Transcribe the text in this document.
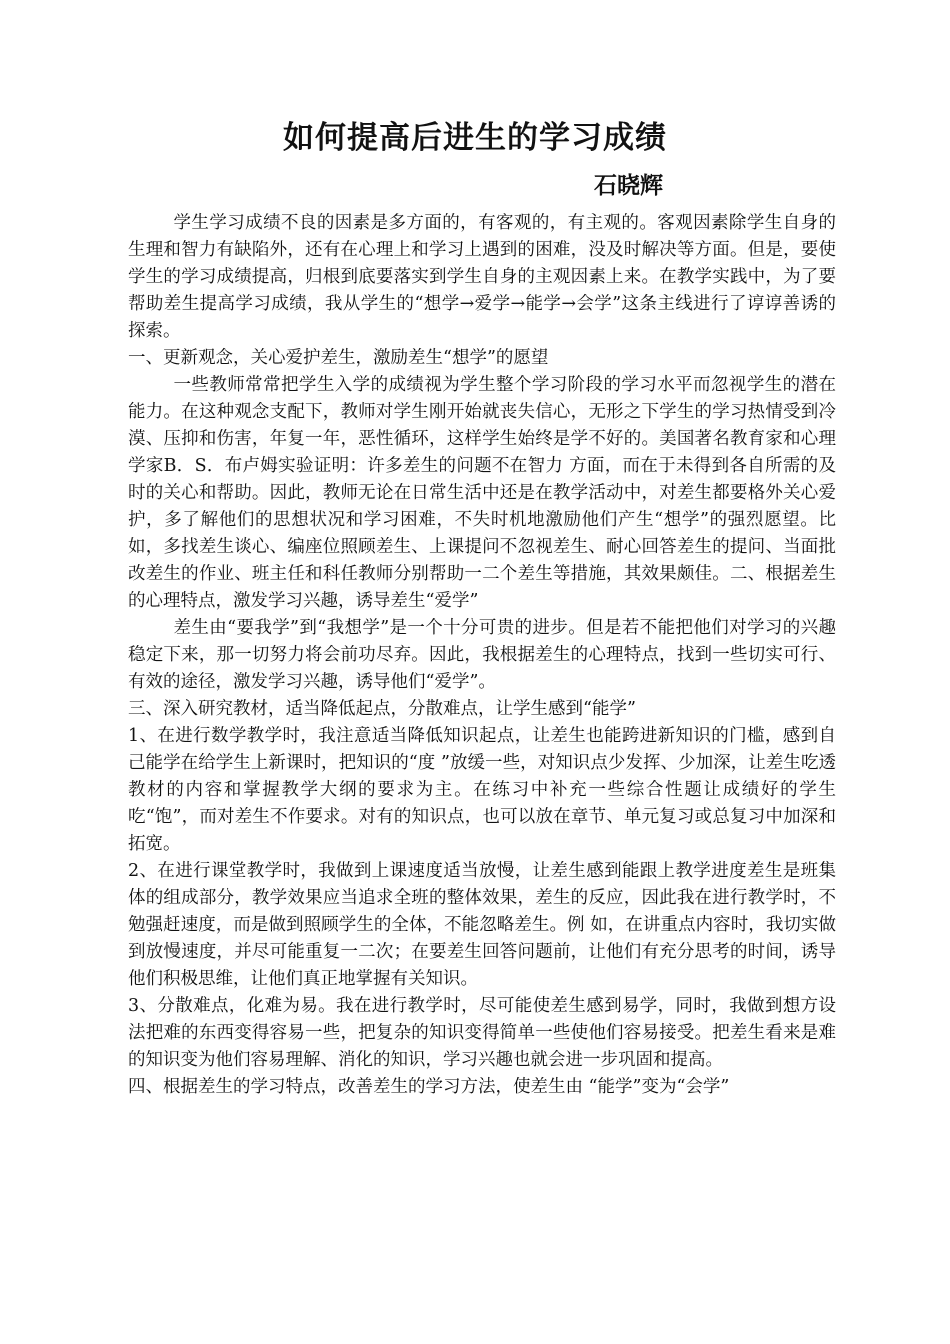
如何提高后进生的学习成绩

石晓辉

学生学习成绩不良的因素是多方面的，有客观的，有主观的。客观因素除学生自身的生理和智力有缺陷外，还有在心理上和学习上遇到的困难，没及时解决等方面。但是，要使学生的学习成绩提高，归根到底要落实到学生自身的主观因素上来。在教学实践中，为了要帮助差生提高学习成绩，我从学生的“想学→爱学→能学→会学”这条主线进行了谆谆善诱的探索。

一、更新观念，关心爱护差生，激励差生“想学”的愿望

一些教师常常把学生入学的成绩视为学生整个学习阶段的学习水平而忽视学生的潜在能力。在这种观念支配下，教师对学生刚开始就丧失信心，无形之下学生的学习热情受到冷漠、压抑和伤害，年复一年，恶性循环，这样学生始终是学不好的。美国著名教育家和心理学家B．S．布卢姆实验证明：许多差生的问题不在智力 方面，而在于未得到各自所需的及时的关心和帮助。因此，教师无论在日常生活中还是在教学活动中，对差生都要格外关心爱护，多了解他们的思想状况和学习困难，不失时机地激励他们产生“想学”的强烈愿望。比如，多找差生谈心、编座位照顾差生、上课提问不忽视差生、耐心回答差生的提问、当面批改差生的作业、班主任和科任教师分别帮助一二个差生等措施，其效果颇佳。二、根据差生的心理特点，激发学习兴趣，诱导差生“爱学”

差生由“要我学”到“我想学”是一个十分可贵的进步。但是若不能把他们对学习的兴趣稳定下来，那一切努力将会前功尽弃。因此，我根据差生的心理特点，找到一些切实可行、有效的途径，激发学习兴趣，诱导他们“爱学”。

三、深入研究教材，适当降低起点，分散难点，让学生感到“能学”

1、在进行数学教学时，我注意适当降低知识起点，让差生也能跨进新知识的门槛，感到自己能学在给学生上新课时，把知识的“度 ”放缓一些，对知识点少发挥、少加深，让差生吃透教材的内容和掌握教学大纲的要求为主。在练习中补充一些综合性题让成绩好的学生吃“饱”，而对差生不作要求。对有的知识点，也可以放在章节、单元复习或总复习中加深和拓宽。

2、在进行课堂教学时，我做到上课速度适当放慢，让差生感到能跟上教学进度差生是班集体的组成部分，教学效果应当追求全班的整体效果，差生的反应，因此我在进行教学时，不勉强赶速度，而是做到照顾学生的全体，不能忽略差生。例 如，在讲重点内容时，我切实做到放慢速度，并尽可能重复一二次；在要差生回答问题前，让他们有充分思考的时间，诱导他们积极思维，让他们真正地掌握有关知识。

3、分散难点，化难为易。我在进行教学时，尽可能使差生感到易学，同时，我做到想方设法把难的东西变得容易一些，把复杂的知识变得简单一些使他们容易接受。把差生看来是难的知识变为他们容易理解、消化的知识，学习兴趣也就会进一步巩固和提高。

四、根据差生的学习特点，改善差生的学习方法，使差生由 “能学”变为“会学”
